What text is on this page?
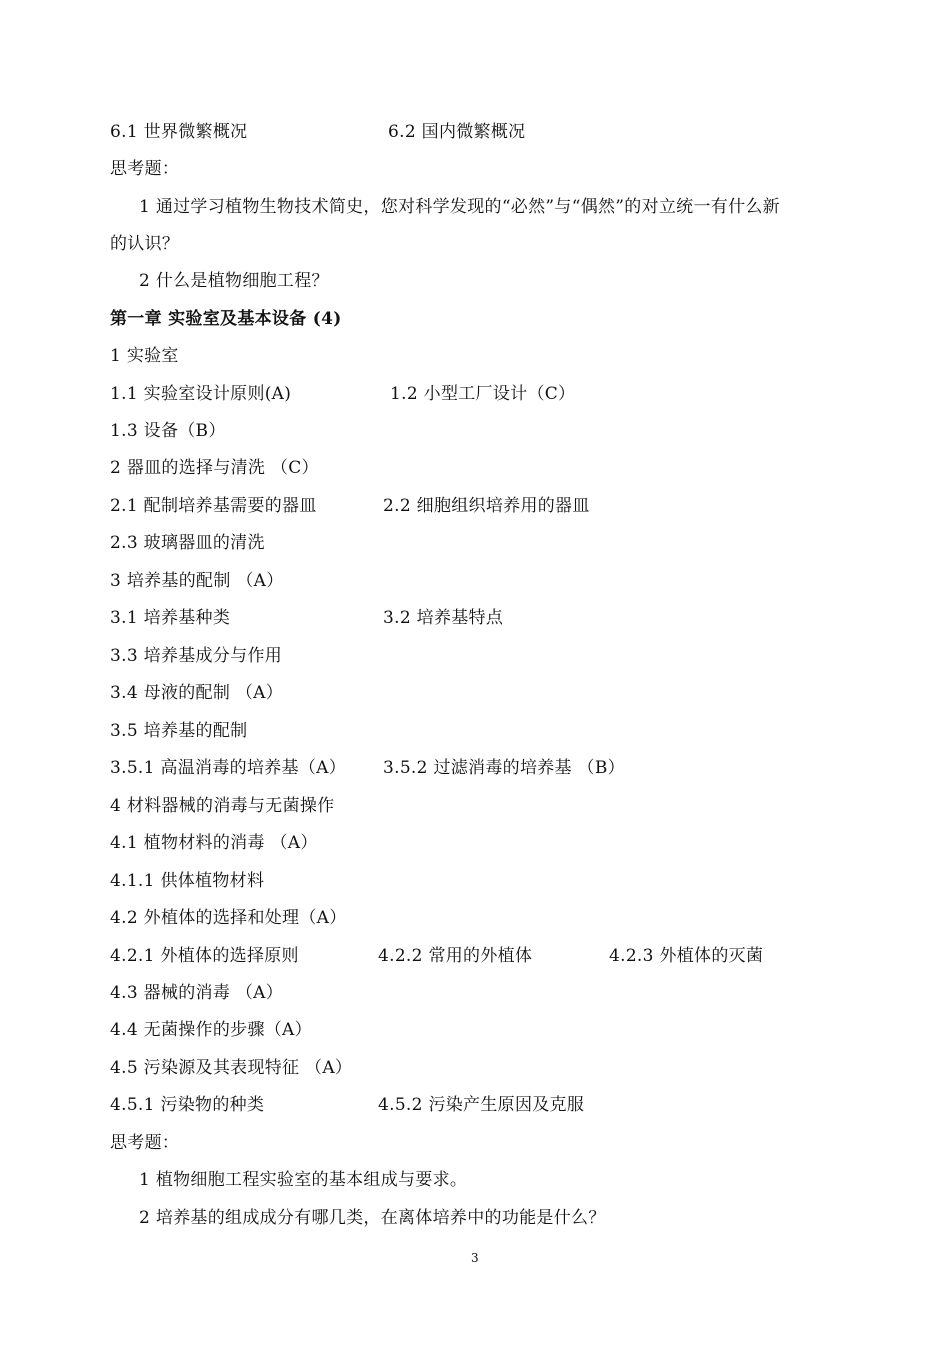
6.1 世界微繁概况	6.2 国内微繁概况
思考题：
1 通过学习植物生物技术简史，您对科学发现的“必然”与“偶然”的对立统一有什么新
的认识？
2 什么是植物细胞工程？
第一章 实验室及基本设备 (4)
1 实验室
1.1 实验室设计原则(A)	1.2 小型工厂设计（C）
1.3 设备（B）
2 器皿的选择与清洗 （C）
2.1 配制培养基需要的器皿	2.2 细胞组织培养用的器皿
2.3 玻璃器皿的清洗
3 培养基的配制 （A）
3.1 培养基种类	3.2 培养基特点
3.3 培养基成分与作用
3.4 母液的配制 （A）
3.5 培养基的配制
3.5.1 高温消毒的培养基（A） 3.5.2 过滤消毒的培养基 （B）
4 材料器械的消毒与无菌操作
4.1 植物材料的消毒 （A）
4.1.1 供体植物材料
4.2 外植体的选择和处理（A）
4.2.1 外植体的选择原则	4.2.2 常用的外植体	4.2.3 外植体的灭菌
4.3 器械的消毒 （A）
4.4 无菌操作的步骤（A）
4.5 污染源及其表现特征 （A）
4.5.1 污染物的种类	4.5.2 污染产生原因及克服
思考题：
1 植物细胞工程实验室的基本组成与要求。
2 培养基的组成成分有哪几类，在离体培养中的功能是什么？
3
